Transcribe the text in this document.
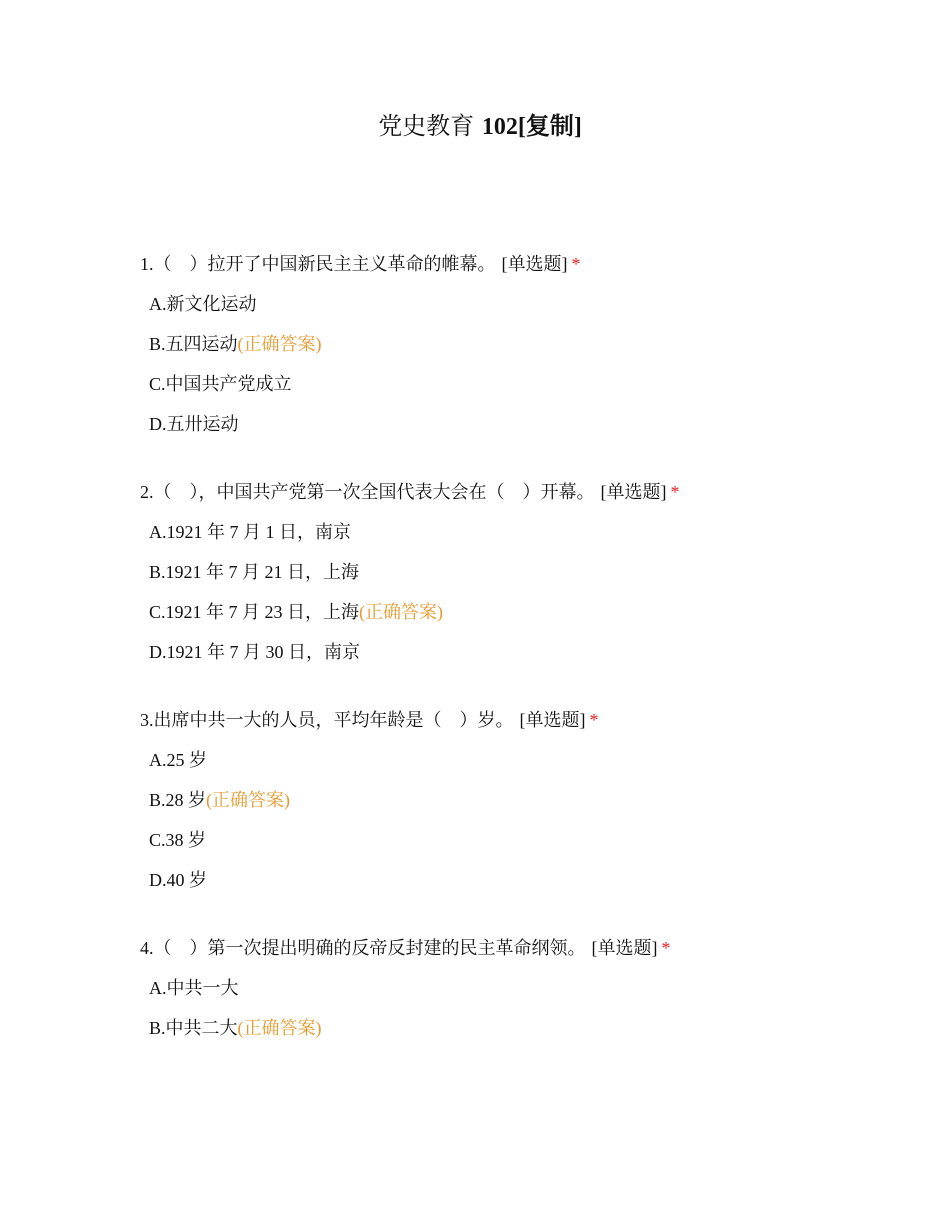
党史教育 102[复制]
1.（　）拉开了中国新民主主义革命的帷幕。 [单选题] *
A.新文化运动
B.五四运动(正确答案)
C.中国共产党成立
D.五卅运动
2.（　），中国共产党第一次全国代表大会在（　）开幕。 [单选题] *
A.1921 年 7 月 1 日，南京
B.1921 年 7 月 21 日，上海
C.1921 年 7 月 23 日，上海(正确答案)
D.1921 年 7 月 30 日，南京
3.出席中共一大的人员，平均年龄是（　）岁。 [单选题] *
A.25 岁
B.28 岁(正确答案)
C.38 岁
D.40 岁
4.（　）第一次提出明确的反帝反封建的民主革命纲领。 [单选题] *
A.中共一大
B.中共二大(正确答案)
